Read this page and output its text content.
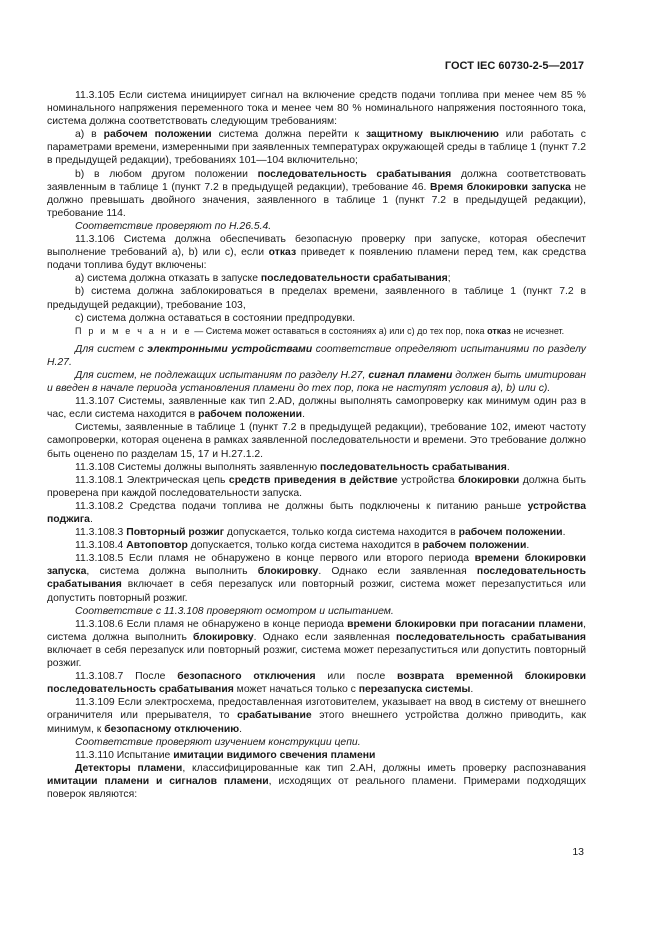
ГОСТ IEC 60730-2-5—2017

11.3.105 Если система инициирует сигнал на включение средств подачи топлива при менее чем 85 % номинального напряжения переменного тока и менее чем 80 % номинального напряжения постоянного тока, система должна соответствовать следующим требованиям:

a) в рабочем положении система должна перейти к защитному выключению или работать с параметрами времени, измеренными при заявленных температурах окружающей среды в таблице 1 (пункт 7.2 в предыдущей редакции), требованиях 101—104 включительно;

b) в любом другом положении последовательность срабатывания должна соответствовать заявленным в таблице 1 (пункт 7.2 в предыдущей редакции), требование 46. Время блокировки запуска не должно превышать двойного значения, заявленного в таблице 1 (пункт 7.2 в предыдущей редакции), требование 114.

Соответствие проверяют по Н.26.5.4.

11.3.106 Система должна обеспечивать безопасную проверку при запуске, которая обеспечит выполнение требований a), b) или c), если отказ приведет к появлению пламени перед тем, как средства подачи топлива будут включены:

a) система должна отказать в запуске последовательности срабатывания;

b) система должна заблокироваться в пределах времени, заявленного в таблице 1 (пункт 7.2 в предыдущей редакции), требование 103,

c) система должна оставаться в состоянии предпродувки.

П р и м е ч а н и е — Система может оставаться в состояниях a) или c) до тех пор, пока отказ не исчезнет.

Для систем с электронными устройствами соответствие определяют испытаниями по разделу Н.27.

Для систем, не подлежащих испытаниям по разделу Н.27, сигнал пламени должен быть имитирован и введен в начале периода установления пламени до тех пор, пока не наступят условия a), b) или c).

11.3.107 Системы, заявленные как тип 2.AD, должны выполнять самопроверку как минимум один раз в час, если система находится в рабочем положении.

Системы, заявленные в таблице 1 (пункт 7.2 в предыдущей редакции), требование 102, имеют частоту самопроверки, которая оценена в рамках заявленной последовательности и времени. Это требование должно быть оценено по разделам 15, 17 и Н.27.1.2.

11.3.108 Системы должны выполнять заявленную последовательность срабатывания.

11.3.108.1 Электрическая цепь средств приведения в действие устройства блокировки должна быть проверена при каждой последовательности запуска.

11.3.108.2 Средства подачи топлива не должны быть подключены к питанию раньше устройства поджига.

11.3.108.3 Повторный розжиг допускается, только когда система находится в рабочем положении.

11.3.108.4 Автоповтор допускается, только когда система находится в рабочем положении.

11.3.108.5 Если пламя не обнаружено в конце первого или второго периода времени блокировки запуска, система должна выполнить блокировку. Однако если заявленная последовательность срабатывания включает в себя перезапуск или повторный розжиг, система может перезапуститься или допустить повторный розжиг.

Соответствие с 11.3.108 проверяют осмотром и испытанием.

11.3.108.6 Если пламя не обнаружено в конце периода времени блокировки при погасании пламени, система должна выполнить блокировку. Однако если заявленная последовательность срабатывания включает в себя перезапуск или повторный розжиг, система может перезапуститься или допустить повторный розжиг.

11.3.108.7 После безопасного отключения или после возврата временной блокировки последовательность срабатывания может начаться только с перезапуска системы.

11.3.109 Если электросхема, предоставленная изготовителем, указывает на ввод в систему от внешнего ограничителя или прерывателя, то срабатывание этого внешнего устройства должно приводить, как минимум, к безопасному отключению.

Соответствие проверяют изучением конструкции цепи.

11.3.110 Испытание имитации видимого свечения пламени

Детекторы пламени, классифицированные как тип 2.AH, должны иметь проверку распознавания имитации пламени и сигналов пламени, исходящих от реального пламени. Примерами подходящих поверок являются:

13
